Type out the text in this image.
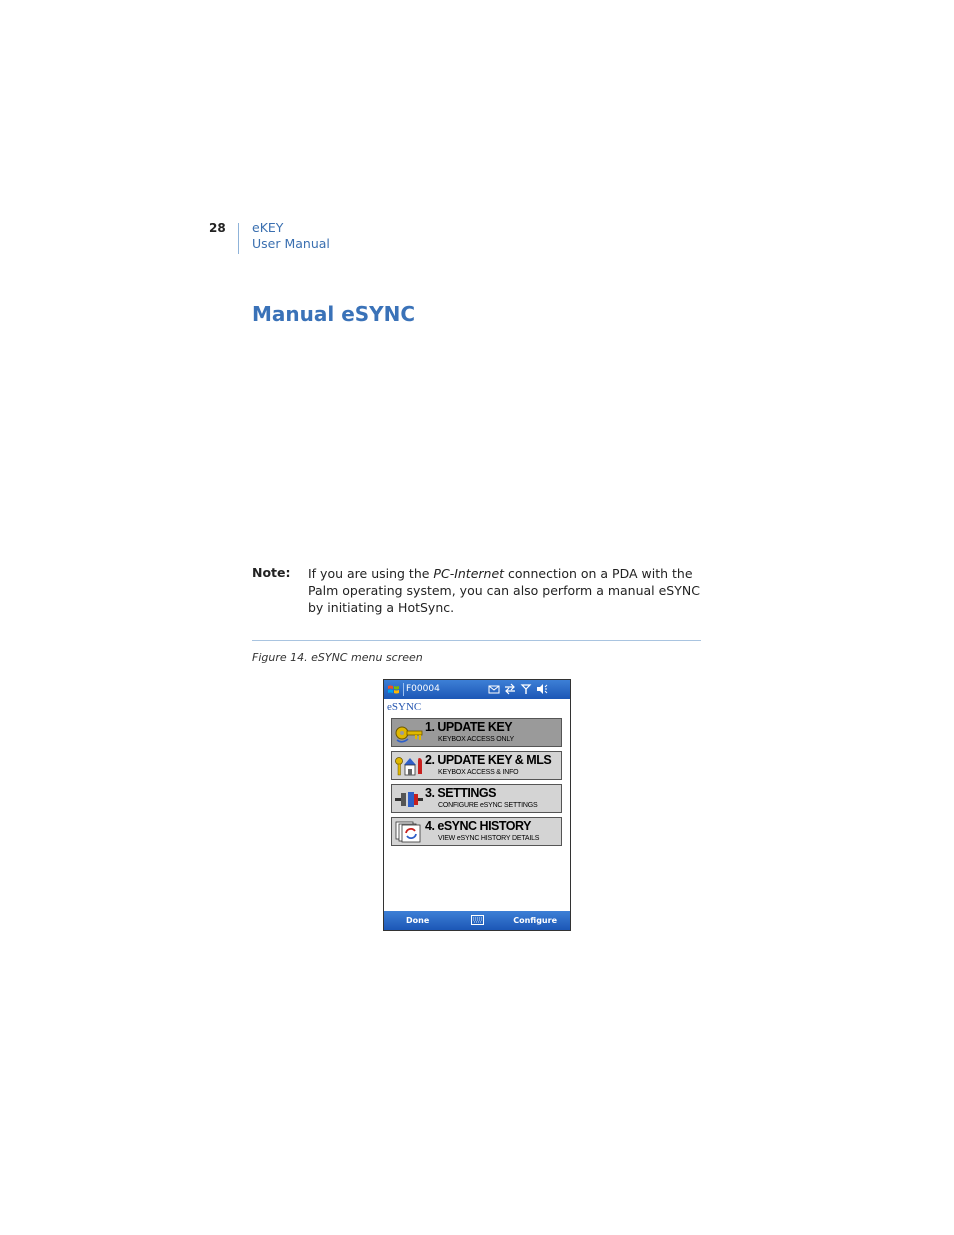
28 eKEY
User Manual
Manual eSYNC
Note: If you are using the PC-Internet connection on a PDA with the Palm operating system, you can also perform a manual eSYNC by initiating a HotSync.
Figure 14. eSYNC menu screen
F00004
eSYNC
1. UPDATE KEY
KEYBOX ACCESS ONLY
2. UPDATE KEY & MLS
KEYBOX ACCESS & INFO
3. SETTINGS
CONFIGURE eSYNC SETTINGS
4. eSYNC HISTORY
VIEW eSYNC HISTORY DETAILS
Done	Configure
